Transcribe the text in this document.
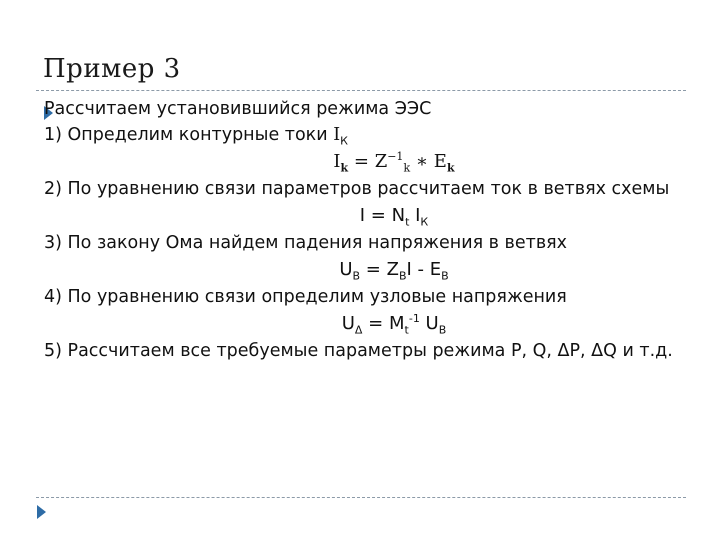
Пример 3
Рассчитаем установившийся режима ЭЭС
1) Определим контурные токи $I_К$
$I_k = Z^{-1}_k$ ∗ $E_k$
2) По уравнению связи параметров рассчитаем ток в ветвях схемы
$I = N_t$ $I_К$
3) По закону Ома найдем падения напряжения в ветвях
$U_В = Z_ВI - E_В$
4) По уравнению связи определим узловые напряжения
$U_\Delta = M_t^{-1}$ $U_В$
5) Рассчитаем все требуемые параметры режима P, Q, ΔP, ΔQ и т.д.
